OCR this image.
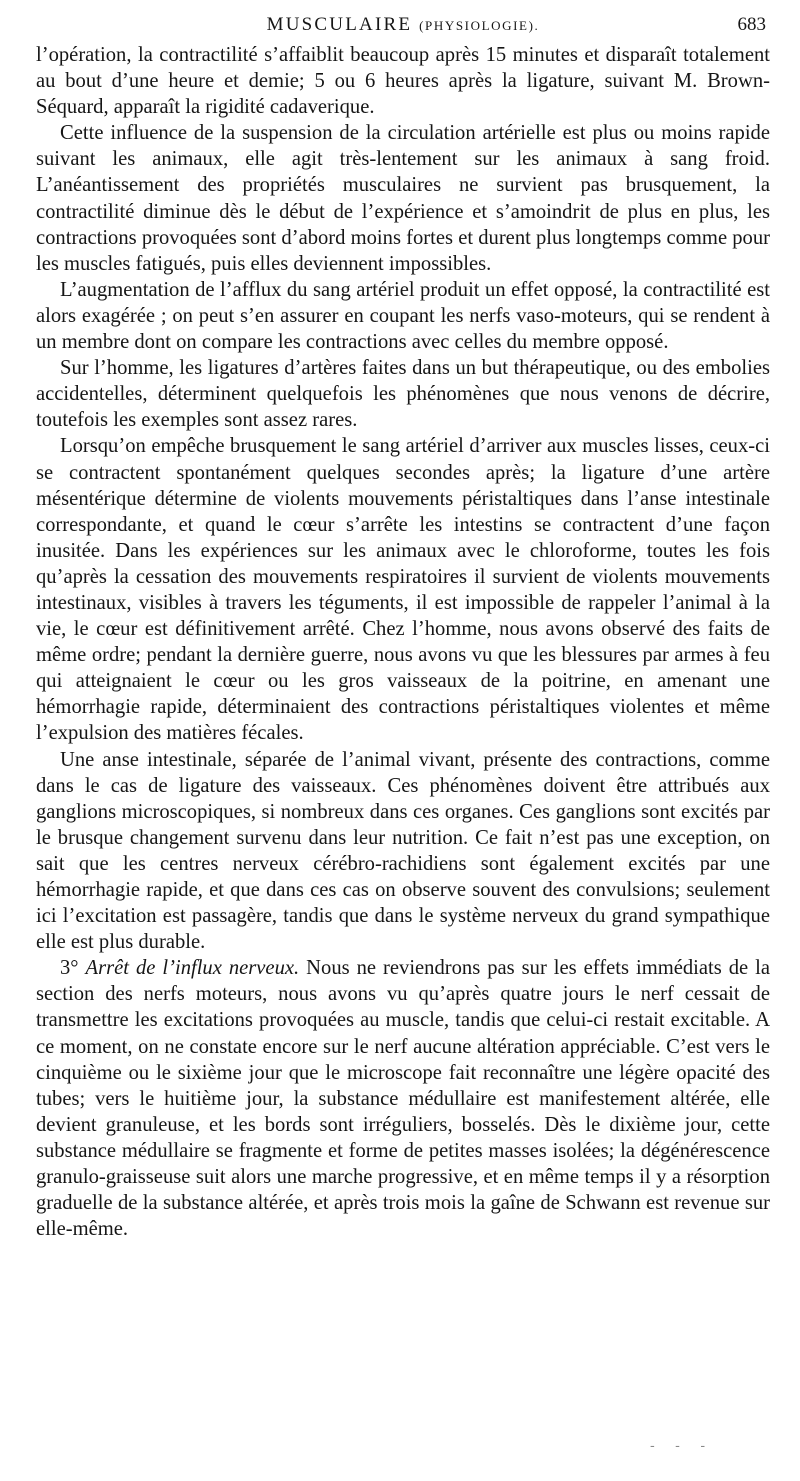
MUSCULAIRE (PHYSIOLOGIE).	683

l’opération, la contractilité s’affaiblit beaucoup après 15 minutes et disparaît totalement au bout d’une heure et demie; 5 ou 6 heures après la ligature, suivant M. Brown-Séquard, apparaît la rigidité cadaverique.

Cette influence de la suspension de la circulation artérielle est plus ou moins rapide suivant les animaux, elle agit très-lentement sur les animaux à sang froid. L’anéantissement des propriétés musculaires ne survient pas brusquement, la contractilité diminue dès le début de l’expérience et s’amoindrit de plus en plus, les contractions provoquées sont d’abord moins fortes et durent plus longtemps comme pour les muscles fatigués, puis elles deviennent impossibles.

L’augmentation de l’afflux du sang artériel produit un effet opposé, la contractilité est alors exagérée ; on peut s’en assurer en coupant les nerfs vaso-moteurs, qui se rendent à un membre dont on compare les contractions avec celles du membre opposé.

Sur l’homme, les ligatures d’artères faites dans un but thérapeutique, ou des embolies accidentelles, déterminent quelquefois les phénomènes que nous venons de décrire, toutefois les exemples sont assez rares.

Lorsqu’on empêche brusquement le sang artériel d’arriver aux muscles lisses, ceux-ci se contractent spontanément quelques secondes après; la ligature d’une artère mésentérique détermine de violents mouvements péristaltiques dans l’anse intestinale correspondante, et quand le cœur s’arrête les intestins se contractent d’une façon inusitée. Dans les expériences sur les animaux avec le chloroforme, toutes les fois qu’après la cessation des mouvements respiratoires il survient de violents mouvements intestinaux, visibles à travers les téguments, il est impossible de rappeler l’animal à la vie, le cœur est définitivement arrêté. Chez l’homme, nous avons observé des faits de même ordre; pendant la dernière guerre, nous avons vu que les blessures par armes à feu qui atteignaient le cœur ou les gros vaisseaux de la poitrine, en amenant une hémorrhagie rapide, déterminaient des contractions péristaltiques violentes et même l’expulsion des matières fécales.

Une anse intestinale, séparée de l’animal vivant, présente des contractions, comme dans le cas de ligature des vaisseaux. Ces phénomènes doivent être attribués aux ganglions microscopiques, si nombreux dans ces organes. Ces ganglions sont excités par le brusque changement survenu dans leur nutrition. Ce fait n’est pas une exception, on sait que les centres nerveux cérébro-rachidiens sont également excités par une hémorrhagie rapide, et que dans ces cas on observe souvent des convulsions; seulement ici l’excitation est passagère, tandis que dans le système nerveux du grand sympathique elle est plus durable.

3° Arrêt de l’influx nerveux. Nous ne reviendrons pas sur les effets immédiats de la section des nerfs moteurs, nous avons vu qu’après quatre jours le nerf cessait de transmettre les excitations provoquées au muscle, tandis que celui-ci restait excitable. A ce moment, on ne constate encore sur le nerf aucune altération appréciable. C’est vers le cinquième ou le sixième jour que le microscope fait reconnaître une légère opacité des tubes; vers le huitième jour, la substance médullaire est manifestement altérée, elle devient granuleuse, et les bords sont irréguliers, bosselés. Dès le dixième jour, cette substance médullaire se fragmente et forme de petites masses isolées; la dégénérescence granulo-graisseuse suit alors une marche progressive, et en même temps il y a résorption graduelle de la substance altérée, et après trois mois la gaîne de Schwann est revenue sur elle-même.

- - -
